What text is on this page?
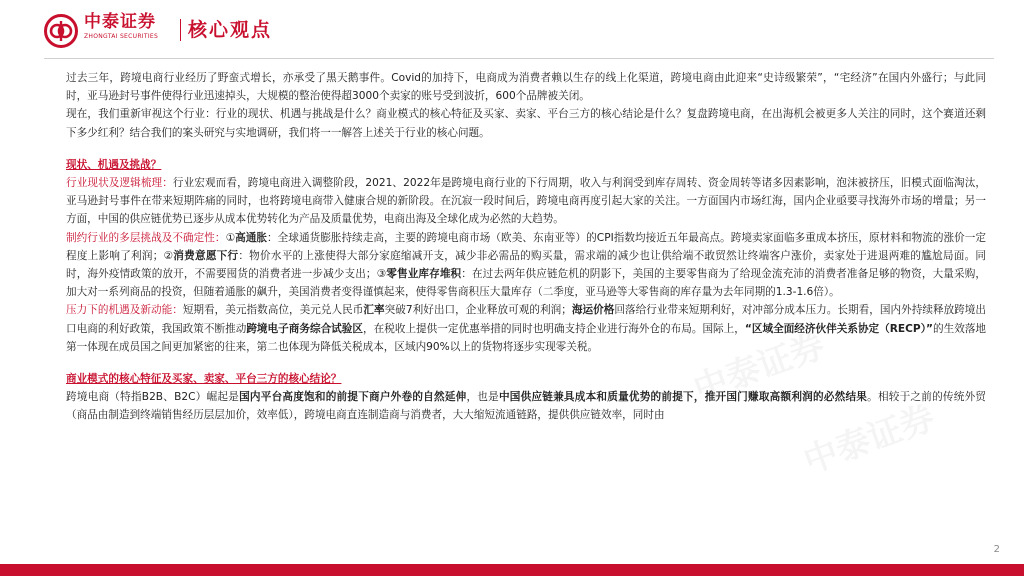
中泰证券
ZHONGTAI SECURITIES 核心观点

过去三年，跨境电商行业经历了野蛮式增长，亦承受了黑天鹅事件。Covid的加持下，电商成为消费者赖以生存的线上化渠道，跨境电商由此迎来“史诗级繁荣”，“宅经济”在国内外盛行；与此同时，亚马逊封号事件使得行业迅速掉头，大规模的整治使得超3000个卖家的账号受到波折，600个品牌被关闭。

现在，我们重新审视这个行业：行业的现状、机遇与挑战是什么？商业模式的核心特征及买家、卖家、平台三方的核心结论是什么？复盘跨境电商，在出海机会被更多人关注的同时，这个赛道还剩下多少红利？结合我们的案头研究与实地调研，我们将一一解答上述关于行业的核心问题。

现状、机遇及挑战？

行业现状及逻辑梳理：行业宏观而看，跨境电商进入调整阶段，2021、2022年是跨境电商行业的下行周期，收入与利润受到库存周转、资金周转等诸多因素影响，泡沫被挤压，旧模式面临淘汰，亚马逊封号事件在带来短期阵痛的同时，也将跨境电商带入健康合规的新阶段。在沉寂一段时间后，跨境电商再度引起大家的关注。一方面国内市场红海，国内企业亟要寻找海外市场的增量；另一方面，中国的供应链优势已逐步从成本优势转化为产品及质量优势，电商出海及全球化成为必然的大趋势。

制约行业的多层挑战及不确定性：①高通胀：全球通货膨胀持续走高，主要的跨境电商市场（欧美、东南亚等）的CPI指数均接近五年最高点。跨境卖家面临多重成本挤压，原材料和物流的涨价一定程度上影响了利润；②消费意愿下行：物价水平的上涨使得大部分家庭缩减开支，减少非必需品的购买量，需求端的减少也让供给端不敢贸然让终端客户涨价，卖家处于进退两难的尴尬局面。同时，海外疫情政策的放开，不需要囤货的消费者进一步减少支出；③零售业库存堆积：在过去两年供应链危机的阴影下，美国的主要零售商为了给现金流充沛的消费者准备足够的物资，大量采购，加大对一系列商品的投资，但随着通胀的飙升，美国消费者变得谨慎起来，使得零售商积压大量库存（二季度，亚马逊等大零售商的库存量为去年同期的1.3-1.6倍）。

压力下的机遇及新动能：短期看，美元指数高位，美元兑人民币汇率突破7利好出口，企业释放可观的利润；海运价格回落给行业带来短期利好，对冲部分成本压力。长期看，国内外持续释放跨境出口电商的利好政策，我国政策不断推动跨境电子商务综合试验区，在税收上提供一定优惠举措的同时也明确支持企业进行海外仓的布局。国际上，“区域全面经济伙伴关系协定（RECP）”的生效落地第一体现在成员国之间更加紧密的往来，第二也体现为降低关税成本，区域内90%以上的货物将逐步实现零关税。

商业模式的核心特征及买家、卖家、平台三方的核心结论？

跨境电商（特指B2B、B2C）崛起是国内平台高度饱和的前提下商户外卷的自然延伸，也是中国供应链兼具成本和质量优势的前提下，推开国门赚取高额利润的必然结果。相较于之前的传统外贸（商品由制造到终端销售经历层层加价，效率低），跨境电商直连制造商与消费者，大大缩短流通链路，提供供应链效率，同时由

2
